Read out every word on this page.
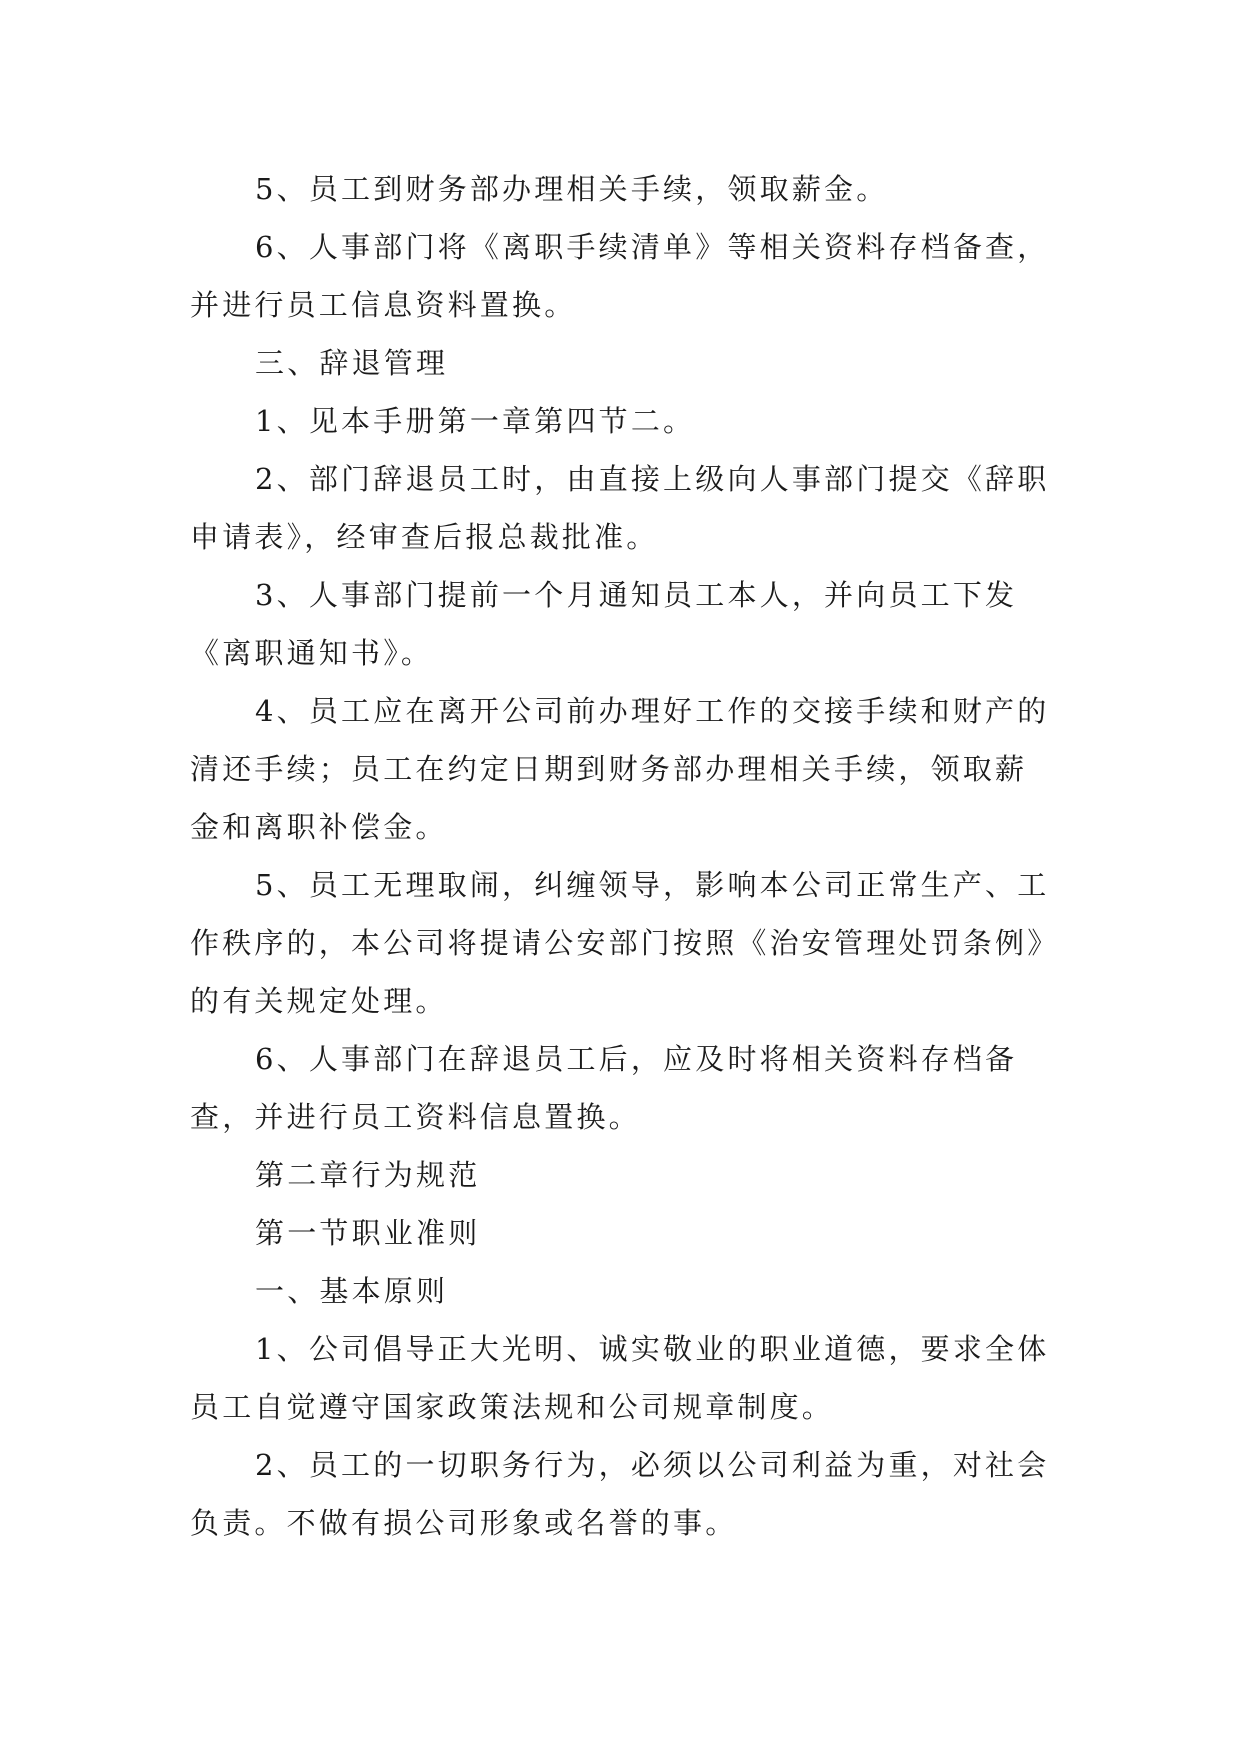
5、员工到财务部办理相关手续，领取薪金。

6、人事部门将《离职手续清单》等相关资料存档备查，并进行员工信息资料置换。

三、辞退管理

1、见本手册第一章第四节二。

2、部门辞退员工时，由直接上级向人事部门提交《辞职申请表》，经审查后报总裁批准。

3、人事部门提前一个月通知员工本人，并向员工下发《离职通知书》。

4、员工应在离开公司前办理好工作的交接手续和财产的清还手续；员工在约定日期到财务部办理相关手续，领取薪金和离职补偿金。

5、员工无理取闹，纠缠领导，影响本公司正常生产、工作秩序的，本公司将提请公安部门按照《治安管理处罚条例》的有关规定处理。

6、人事部门在辞退员工后，应及时将相关资料存档备查，并进行员工资料信息置换。

第二章行为规范

第一节职业准则

一、基本原则

1、公司倡导正大光明、诚实敬业的职业道德，要求全体员工自觉遵守国家政策法规和公司规章制度。

2、员工的一切职务行为，必须以公司利益为重，对社会负责。不做有损公司形象或名誉的事。
